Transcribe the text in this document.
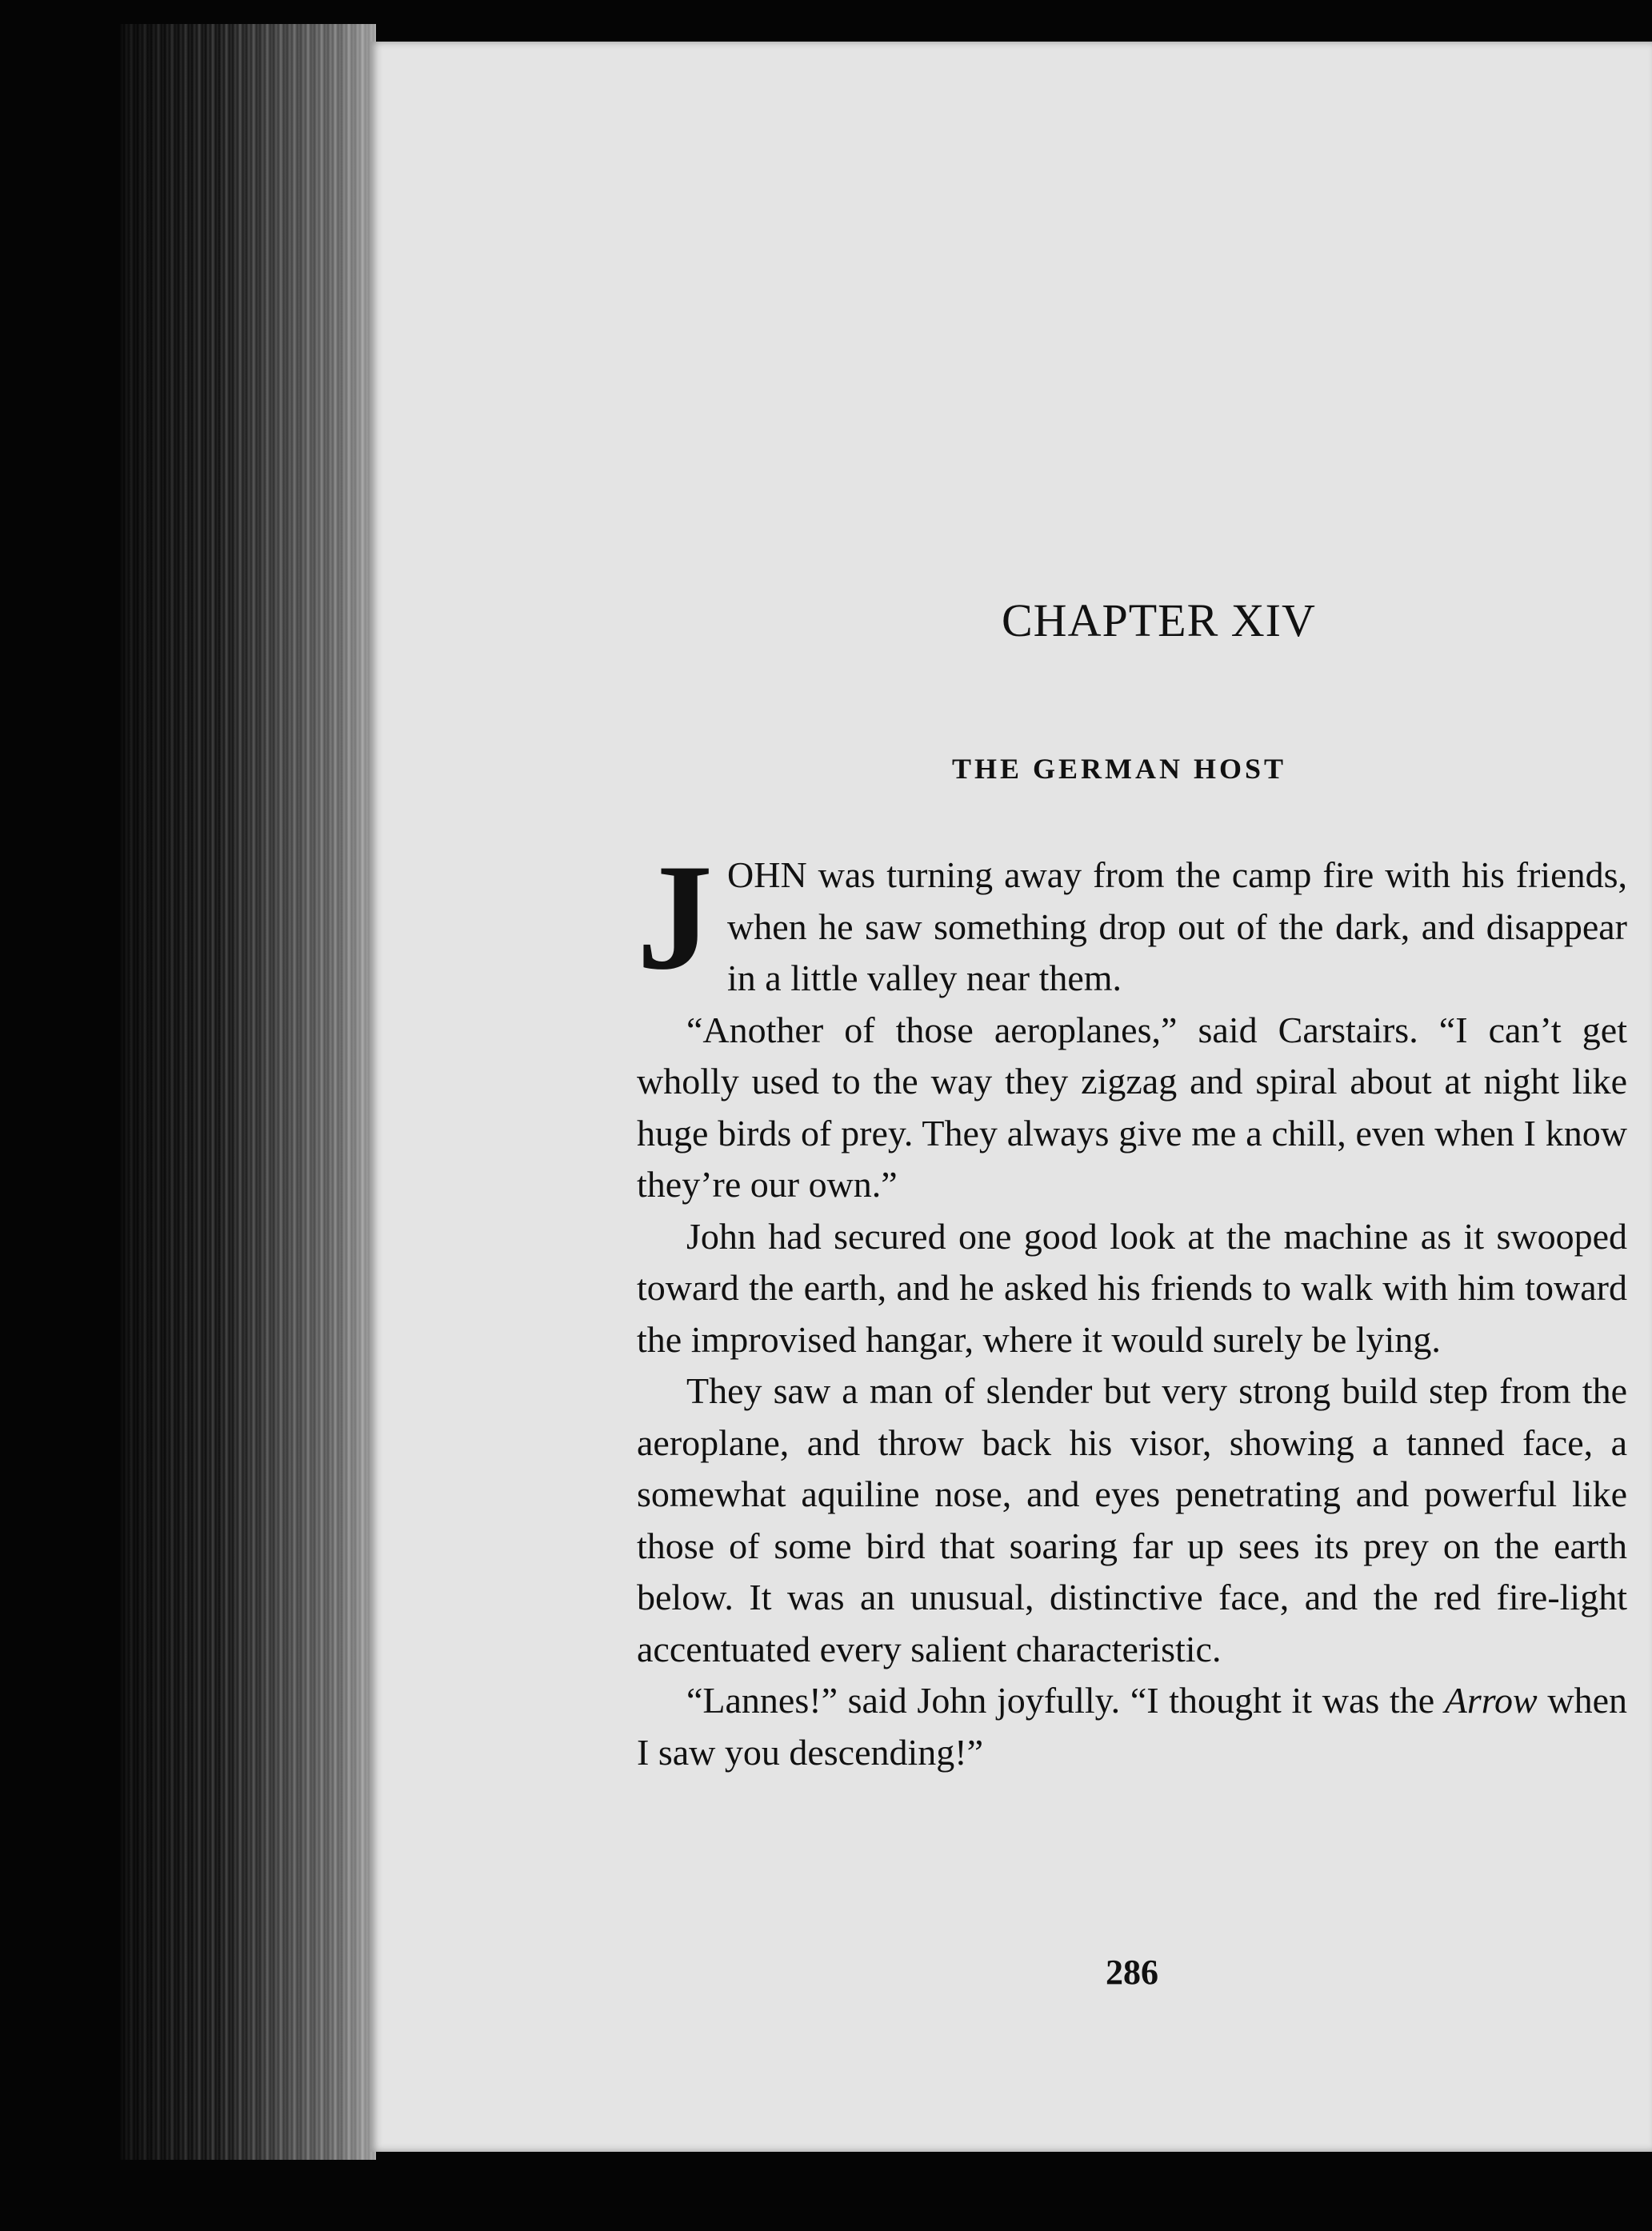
CHAPTER XIV
THE GERMAN HOST

JOHN was turning away from the camp fire with his friends, when he saw something drop out of the dark, and disappear in a little valley near them.

“Another of those aeroplanes,” said Carstairs. “I can’t get wholly used to the way they zigzag and spiral about at night like huge birds of prey. They always give me a chill, even when I know they’re our own.”

John had secured one good look at the machine as it swooped toward the earth, and he asked his friends to walk with him toward the improvised hangar, where it would surely be lying.

They saw a man of slender but very strong build step from the aeroplane, and throw back his visor, showing a tanned face, a somewhat aquiline nose, and eyes penetrating and powerful like those of some bird that soaring far up sees its prey on the earth below. It was an unusual, distinctive face, and the red fire-light accentuated every salient characteristic.

“Lannes!” said John joyfully. “I thought it was the Arrow when I saw you descending!”

286
